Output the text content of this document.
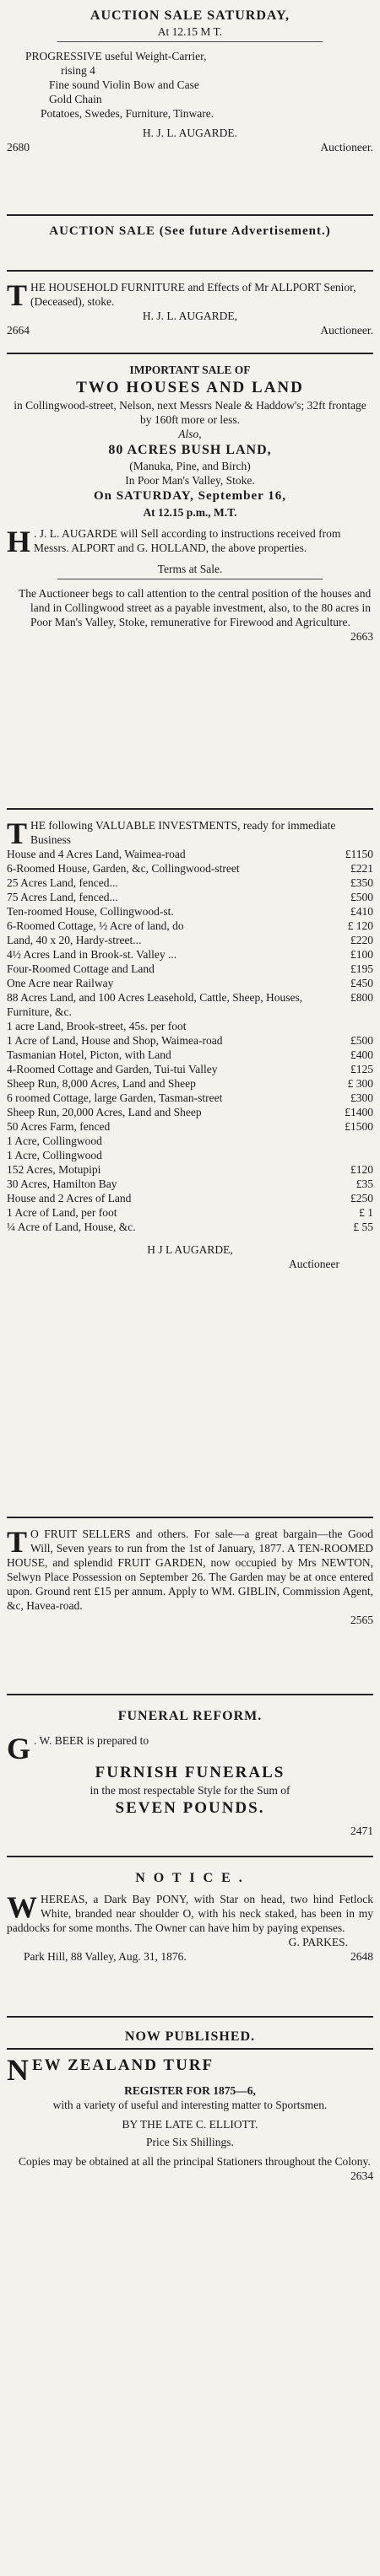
AUCTION SALE SATURDAY,
At 12.15 M T.
PROGRESSIVE useful Weight-Carrier,
rising 4
Fine sound Violin Bow and Case
Gold Chain
Potatoes, Swedes, Furniture, Tinware.
H. J. L. AUGARDE.
2680	Auctioneer.
AUCTION SALE (See future Advertisement.)
T HE HOUSEHOLD FURNITURE and Effects of Mr ALLPORT Senior, (Deceased), stoke.
H. J. L. AUGARDE,
2664	Auctioneer.
IMPORTANT SALE OF
TWO HOUSES AND LAND
in Collingwood-street, Nelson, next Messrs Neale & Haddow's; 32ft frontage by 160ft more or less.
Also,
80 ACRES BUSH LAND,
(Manuka, Pine, and Birch)
In Poor Man's Valley, Stoke.
On SATURDAY, September 16,
At 12.15 p.m., M.T.
H . J. L. AUGARDE will Sell according to instructions received from Messrs. ALPORT and G. HOLLAND, the above properties.
Terms at Sale.
The Auctioneer begs to call attention to the central position of the houses and land in Collingwood street as a payable investment, also, to the 80 acres in Poor Man's Valley, Stoke, remunerative for Firewood and Agriculture.
2663
T HE following VALUABLE INVESTMENTS, ready for immediate Business
House and 4 Acres Land, Waimea-road	£1150
6-Roomed House, Garden, &c, Collingwood-street	£221
25 Acres Land, fenced...	£350
75 Acres Land, fenced...	£500
Ten-roomed House, Collingwood-st.	£410
6-Roomed Cottage, ½ Acre of land, do	£ 120
Land, 40 x 20, Hardy-street...	£220
4½ Acres Land in Brook-st. Valley ...	£100
Four-Roomed Cottage and Land	£195
One Acre near Railway	£450
88 Acres Land, and 100 Acres Leasehold, Cattle, Sheep, Houses, Furniture, &c.
£800
1 acre Land, Brook-street, 45s. per foot
1 Acre of Land, House and Shop, Waimea-road	£500
Tasmanian Hotel, Picton, with Land	£400
4-Roomed Cottage and Garden, Tui-tui Valley	£125
Sheep Run, 8,000 Acres, Land and Sheep	£ 300
6 roomed Cottage, large Garden, Tasman-street	£300
Sheep Run, 20,000 Acres, Land and Sheep	£1400
50 Acres Farm, fenced	£1500
1 Acre, Collingwood
1 Acre, Collingwood
152 Acres, Motupipi	£120
30 Acres, Hamilton Bay	£35
House and 2 Acres of Land	£250
1 Acre of Land, per foot	£ 1
¼ Acre of Land, House, &c.	£ 55
H J L AUGARDE,
Auctioneer
T O FRUIT SELLERS and others. For sale—a great bargain—the Good Will, Seven years to run from the 1st of January, 1877. A TEN-ROOMED HOUSE, and splendid FRUIT GARDEN, now occupied by Mrs NEWTON, Selwyn Place Possession on September 26. The Garden may be at once entered upon. Ground rent £15 per annum. Apply to WM. GIBLIN, Commission Agent, &c, Havea-road.
2565
FUNERAL REFORM.
G . W. BEER is prepared to
FURNISH FUNERALS
in the most respectable Style for the Sum of
SEVEN POUNDS.
2471
N O T I C E .
W HEREAS, a Dark Bay PONY, with Star on head, two hind Fetlock White, branded near shoulder O, with his neck staked, has been in my paddocks for some months. The Owner can have him by paying expenses.
G. PARKES.
Park Hill, 88 Valley, Aug. 31, 1876.	2648
NOW PUBLISHED.
N EW ZEALAND TURF
REGISTER FOR 1875—6,
with a variety of useful and interesting matter to Sportsmen.
BY THE LATE C. ELLIOTT.
Price Six Shillings.
Copies may be obtained at all the principal Stationers throughout the Colony.
2634
